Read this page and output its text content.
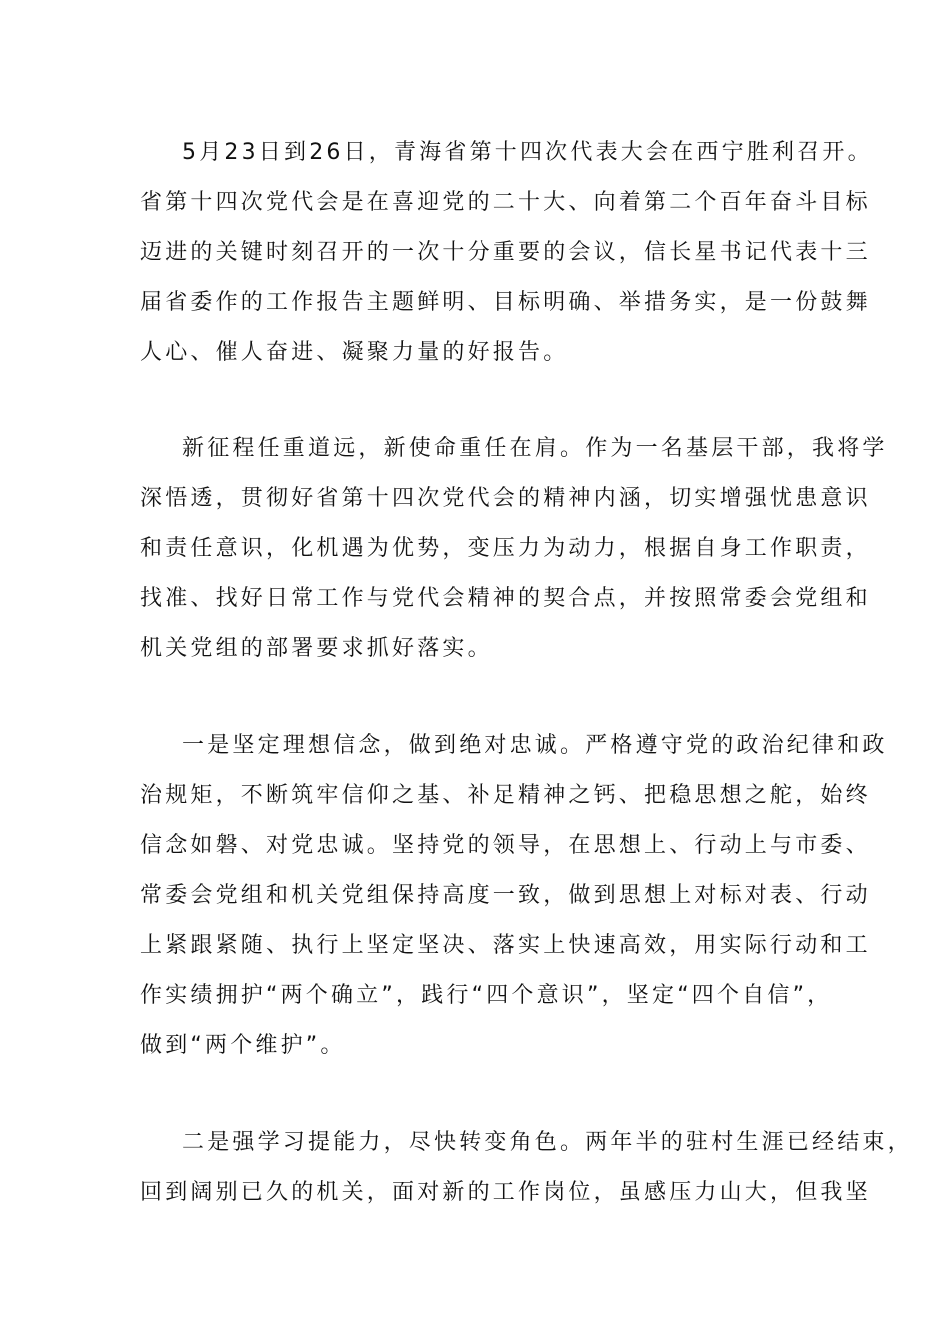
5月23日到26日，青海省第十四次代表大会在西宁胜利召开。
省第十四次党代会是在喜迎党的二十大、向着第二个百年奋斗目标
迈进的关键时刻召开的一次十分重要的会议，信长星书记代表十三
届省委作的工作报告主题鲜明、目标明确、举措务实，是一份鼓舞
人心、催人奋进、凝聚力量的好报告。
新征程任重道远，新使命重任在肩。作为一名基层干部，我将学
深悟透，贯彻好省第十四次党代会的精神内涵，切实增强忧患意识
和责任意识，化机遇为优势，变压力为动力，根据自身工作职责，
找准、找好日常工作与党代会精神的契合点，并按照常委会党组和
机关党组的部署要求抓好落实。
一是坚定理想信念，做到绝对忠诚。严格遵守党的政治纪律和政
治规矩，不断筑牢信仰之基、补足精神之钙、把稳思想之舵，始终
信念如磐、对党忠诚。坚持党的领导，在思想上、行动上与市委、
常委会党组和机关党组保持高度一致，做到思想上对标对表、行动
上紧跟紧随、执行上坚定坚决、落实上快速高效，用实际行动和工
作实绩拥护“两个确立”，践行“四个意识”，坚定“四个自信”，
做到“两个维护”。
二是强学习提能力，尽快转变角色。两年半的驻村生涯已经结束，
回到阔别已久的机关，面对新的工作岗位，虽感压力山大，但我坚
